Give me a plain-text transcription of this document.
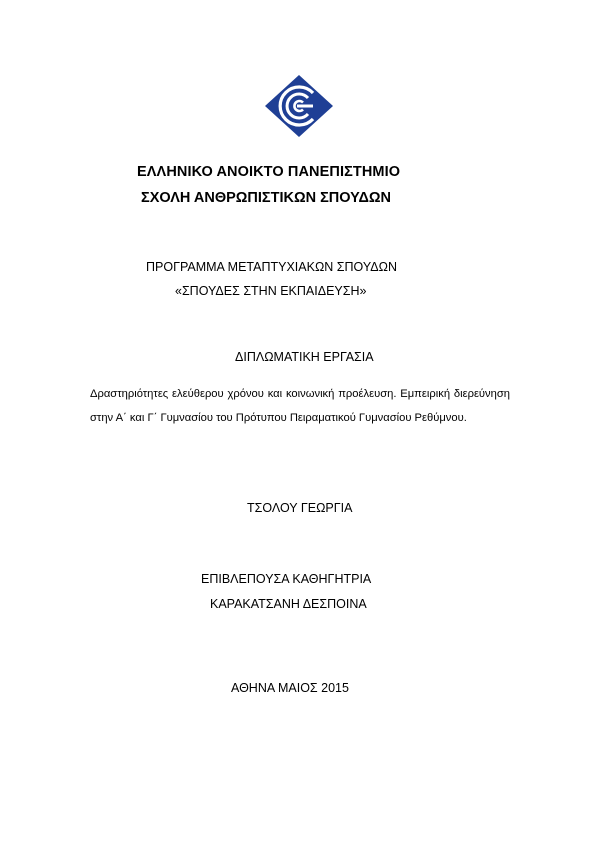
ΕΛΛΗΝΙΚΟ ΑΝΟΙΚΤΟ ΠΑΝΕΠΙΣΤΗΜΙΟ
ΣΧΟΛΗ ΑΝΘΡΩΠΙΣΤΙΚΩΝ ΣΠΟΥΔΩΝ
ΠΡΟΓΡΑΜΜΑ ΜΕΤΑΠΤΥΧΙΑΚΩΝ ΣΠΟΥΔΩΝ
«ΣΠΟΥΔΕΣ ΣΤΗΝ ΕΚΠΑΙΔΕΥΣΗ»
ΔΙΠΛΩΜΑΤΙΚΗ ΕΡΓΑΣΙΑ
Δραστηριότητες ελεύθερου χρόνου και κοινωνική προέλευση. Εμπειρική διερεύνηση στην Α΄ και Γ΄ Γυμνασίου του Πρότυπου Πειραματικού Γυμνασίου Ρεθύμνου.
ΤΣΟΛΟΥ ΓΕΩΡΓΙΑ
ΕΠΙΒΛΕΠΟΥΣΑ ΚΑΘΗΓΗΤΡΙΑ
ΚΑΡΑΚΑΤΣΑΝΗ ΔΕΣΠΟΙΝΑ
ΑΘΗΝΑ ΜΑΙΟΣ 2015
